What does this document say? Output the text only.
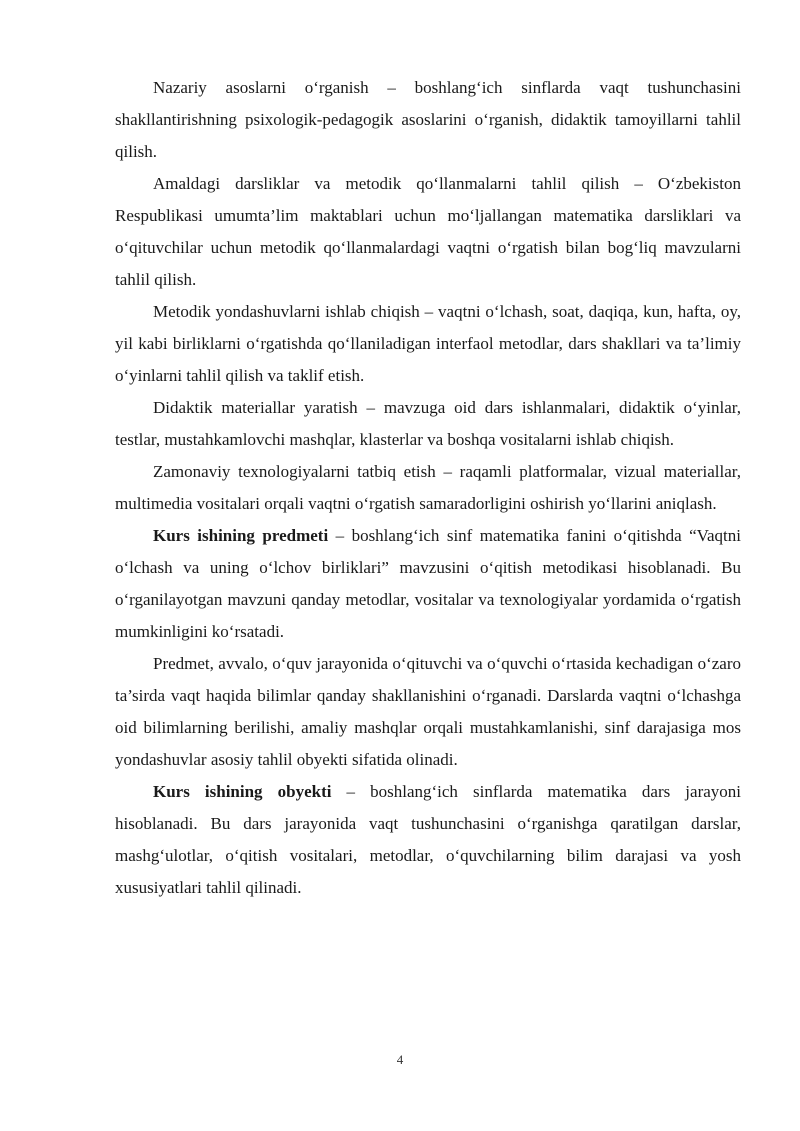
Nazariy asoslarni o‘rganish – boshlang‘ich sinflarda vaqt tushunchasini shakllantirishning psixologik-pedagogik asoslarini o‘rganish, didaktik tamoyillarni tahlil qilish.

Amaldagi darsliklar va metodik qo‘llanmalarni tahlil qilish – O‘zbekiston Respublikasi umumta’lim maktablari uchun mo‘ljallangan matematika darsliklari va o‘qituvchilar uchun metodik qo‘llanmalardagi vaqtni o‘rgatish bilan bog‘liq mavzularni tahlil qilish.

Metodik yondashuvlarni ishlab chiqish – vaqtni o‘lchash, soat, daqiqa, kun, hafta, oy, yil kabi birliklarni o‘rgatishda qo‘llaniladigan interfaol metodlar, dars shakllari va ta’limiy o‘yinlarni tahlil qilish va taklif etish.

Didaktik materiallar yaratish – mavzuga oid dars ishlanmalari, didaktik o‘yinlar, testlar, mustahkamlovchi mashqlar, klasterlar va boshqa vositalarni ishlab chiqish.

Zamonaviy texnologiyalarni tatbiq etish – raqamli platformalar, vizual materiallar, multimedia vositalari orqali vaqtni o‘rgatish samaradorligini oshirish yo‘llarini aniqlash.

Kurs ishining predmeti – boshlang‘ich sinf matematika fanini o‘qitishda “Vaqtni o‘lchash va uning o‘lchov birliklari” mavzusini o‘qitish metodikasi hisoblanadi. Bu o‘rganilayotgan mavzuni qanday metodlar, vositalar va texnologiyalar yordamida o‘rgatish mumkinligini ko‘rsatadi.

Predmet, avvalo, o‘quv jarayonida o‘qituvchi va o‘quvchi o‘rtasida kechadigan o‘zaro ta’sirda vaqt haqida bilimlar qanday shakllanishini o‘rganadi. Darslarda vaqtni o‘lchashga oid bilimlarning berilishi, amaliy mashqlar orqali mustahkamlanishi, sinf darajasiga mos yondashuvlar asosiy tahlil obyekti sifatida olinadi.

Kurs ishining obyekti – boshlang‘ich sinflarda matematika dars jarayoni hisoblanadi. Bu dars jarayonida vaqt tushunchasini o‘rganishga qaratilgan darslar, mashg‘ulotlar, o‘qitish vositalari, metodlar, o‘quvchilarning bilim darajasi va yosh xususiyatlari tahlil qilinadi.

4
